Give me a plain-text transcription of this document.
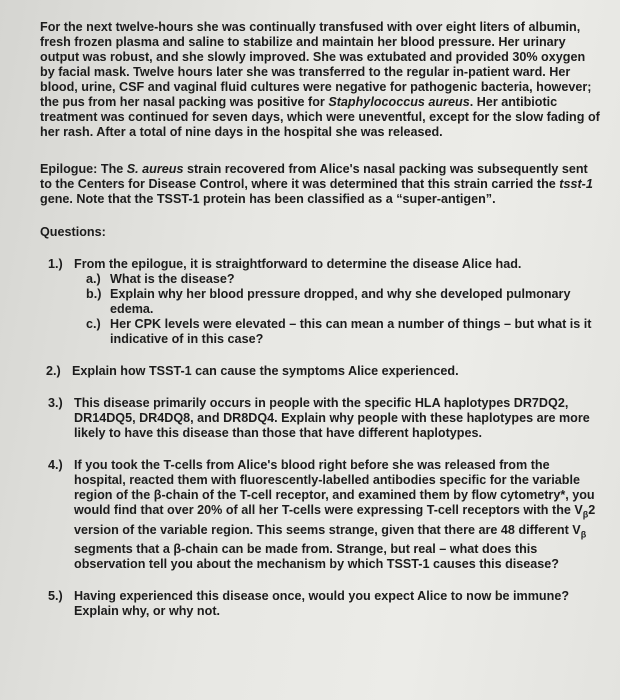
For the next twelve-hours she was continually transfused with over eight liters of albumin, fresh frozen plasma and saline to stabilize and maintain her blood pressure. Her urinary output was robust, and she slowly improved. She was extubated and provided 30% oxygen by facial mask. Twelve hours later she was transferred to the regular in-patient ward. Her blood, urine, CSF and vaginal fluid cultures were negative for pathogenic bacteria, however; the pus from her nasal packing was positive for Staphylococcus aureus. Her antibiotic treatment was continued for seven days, which were uneventful, except for the slow fading of her rash. After a total of nine days in the hospital she was released.

Epilogue: The S. aureus strain recovered from Alice's nasal packing was subsequently sent to the Centers for Disease Control, where it was determined that this strain carried the tsst-1 gene. Note that the TSST-1 protein has been classified as a “super-antigen”.

Questions:

1.) From the epilogue, it is straightforward to determine the disease Alice had.
a.) What is the disease?
b.) Explain why her blood pressure dropped, and why she developed pulmonary edema.
c.) Her CPK levels were elevated – this can mean a number of things – but what is it indicative of in this case?
2.) Explain how TSST-1 can cause the symptoms Alice experienced.
3.) This disease primarily occurs in people with the specific HLA haplotypes DR7DQ2, DR14DQ5, DR4DQ8, and DR8DQ4. Explain why people with these haplotypes are more likely to have this disease than those that have different haplotypes.
4.) If you took the T-cells from Alice's blood right before she was released from the hospital, reacted them with fluorescently-labelled antibodies specific for the variable region of the β-chain of the T-cell receptor, and examined them by flow cytometry*, you would find that over 20% of all her T-cells were expressing T-cell receptors with the $V_\beta 2$ version of the variable region. This seems strange, given that there are 48 different $V_\beta$ segments that a β-chain can be made from. Strange, but real – what does this observation tell you about the mechanism by which TSST-1 causes this disease?
5.) Having experienced this disease once, would you expect Alice to now be immune? Explain why, or why not.
